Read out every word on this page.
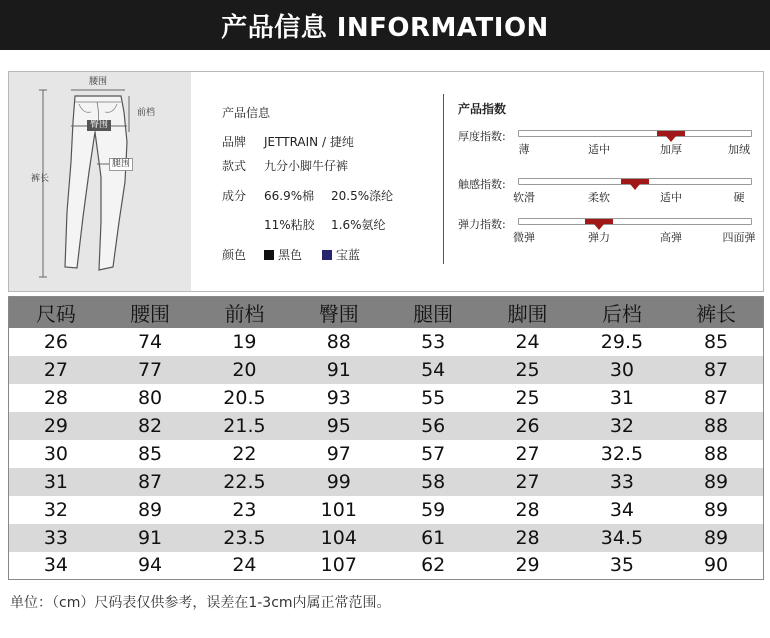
产品信息 INFORMATION
腰围
前档
臀围
腿围
裤长
产品信息
品牌 JETTRAIN / 捷纯
款式 九分小脚牛仔裤
成分 66.9%棉 20.5%涤纶
11%粘胶 1.6%氨纶
颜色	黑色	宝蓝
产品指数
厚度指数:
薄	适中	加厚	加绒
触感指数:
软滑	柔软	适中	硬
弹力指数:
微弹	弹力	高弹	四面弹
尺码	腰围	前档	臀围	腿围	脚围	后档	裤长
26	74	19	88	53	24	29.5	85
27	77	20	91	54	25	30	87
28	80	20.5	93	55	25	31	87
29	82	21.5	95	56	26	32	88
30	85	22	97	57	27	32.5	88
31	87	22.5	99	58	27	33	89
32	89	23	101	59	28	34	89
33	91	23.5	104	61	28	34.5	89
34	94	24	107	62	29	35	90
单位：（cm）尺码表仅供参考，误差在1-3cm内属正常范围。
